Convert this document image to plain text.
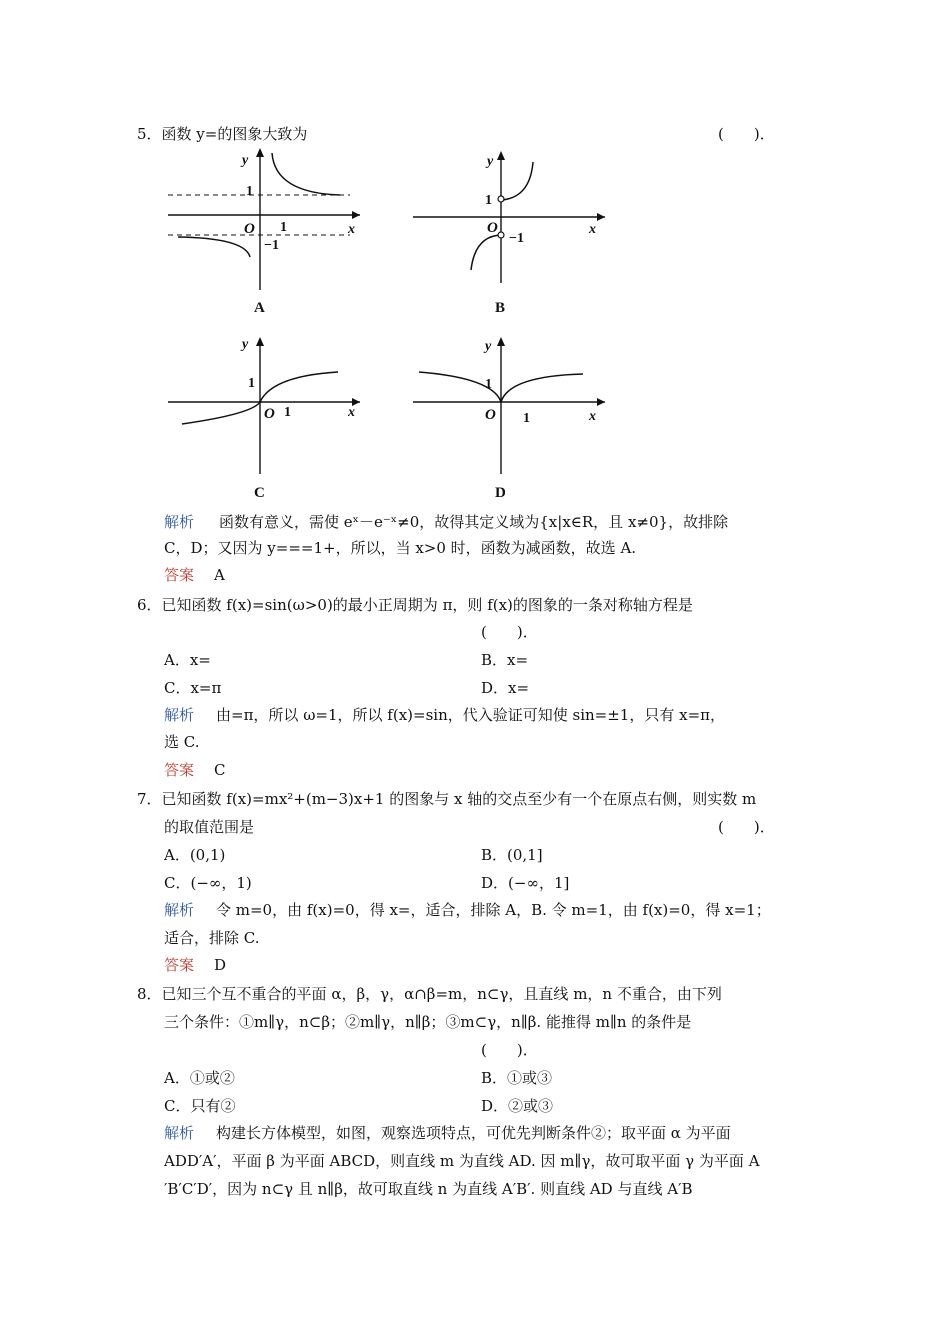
5．函数 y=的图象大致为	(　　)．
y
x
O
1
1
−1
A
y
x
O
1
−1
B
y
x
O 1
1
C
y
x
O 1
1
D
解析 函数有意义，需使 eˣ－e⁻ˣ≠0，故得其定义域为{x|x∈R，且 x≠0}，故排除
C，D；又因为 y===1+，所以，当 x>0 时，函数为减函数，故选 A.
答案 A
6．已知函数 f(x)=sin(ω>0)的最小正周期为 π，则 f(x)的图象的一条对称轴方程是
(　　)．
A．x=	B．x=
C．x=π	D．x=
解析 由=π，所以 ω=1，所以 f(x)=sin，代入验证可知使 sin=±1，只有 x=π，
选 C.
答案 C
7．已知函数 f(x)=mx²+(m−3)x+1 的图象与 x 轴的交点至少有一个在原点右侧，则实数 m
的取值范围是	(　　)．
A．(0,1)	B．(0,1]
C．(−∞，1)	D．(−∞，1]
解析 令 m=0，由 f(x)=0，得 x=，适合，排除 A，B. 令 m=1，由 f(x)=0，得 x=1；
适合，排除 C.
答案 D
8．已知三个互不重合的平面 α，β，γ，α∩β=m，n⊂γ，且直线 m，n 不重合，由下列
三个条件：①m∥γ，n⊂β；②m∥γ，n∥β；③m⊂γ，n∥β. 能推得 m∥n 的条件是
(　　)．
A．①或②	B．①或③
C．只有②	D．②或③
解析 构建长方体模型，如图，观察选项特点，可优先判断条件②；取平面 α 为平面
ADD′A′，平面 β 为平面 ABCD，则直线 m 为直线 AD. 因 m∥γ，故可取平面 γ 为平面 A
′B′C′D′，因为 n⊂γ 且 n∥β，故可取直线 n 为直线 A′B′. 则直线 AD 与直线 A′B
